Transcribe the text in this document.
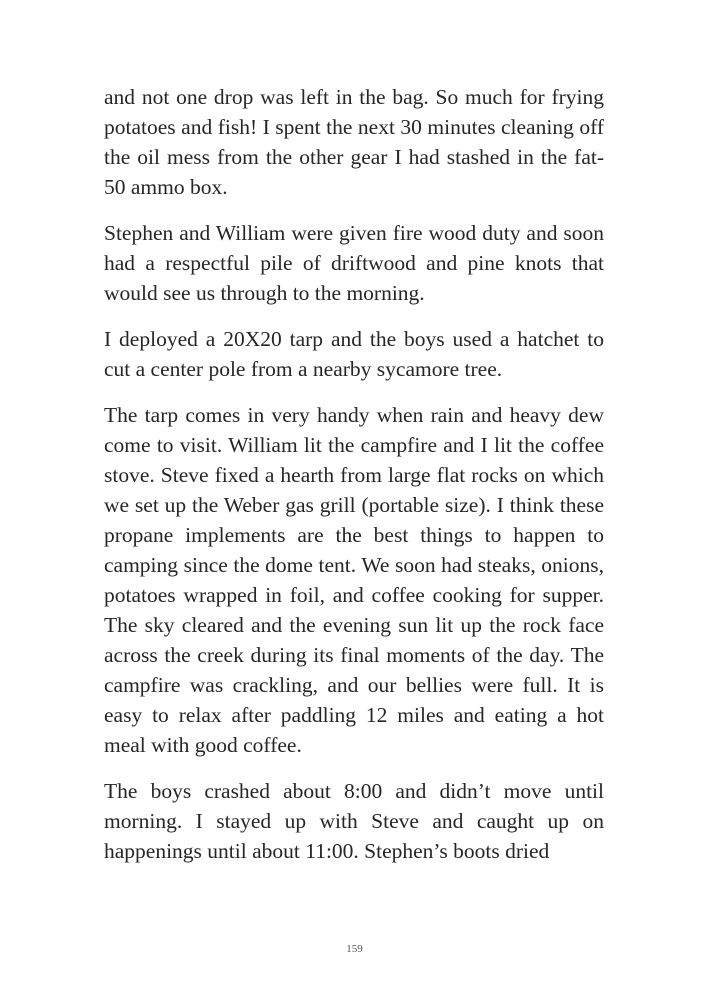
and not one drop was left in the bag. So much for frying potatoes and fish! I spent the next 30 minutes cleaning off the oil mess from the other gear I had stashed in the fat-50 ammo box.

Stephen and William were given fire wood duty and soon had a respectful pile of driftwood and pine knots that would see us through to the morning.

I deployed a 20X20 tarp and the boys used a hatchet to cut a center pole from a nearby sycamore tree.

The tarp comes in very handy when rain and heavy dew come to visit. William lit the campfire and I lit the coffee stove. Steve fixed a hearth from large flat rocks on which we set up the Weber gas grill (portable size). I think these propane implements are the best things to happen to camping since the dome tent. We soon had steaks, onions, potatoes wrapped in foil, and coffee cooking for supper. The sky cleared and the evening sun lit up the rock face across the creek during its final moments of the day. The campfire was crackling, and our bellies were full. It is easy to relax after paddling 12 miles and eating a hot meal with good coffee.

The boys crashed about 8:00 and didn’t move until morning. I stayed up with Steve and caught up on happenings until about 11:00. Stephen’s boots dried

159
